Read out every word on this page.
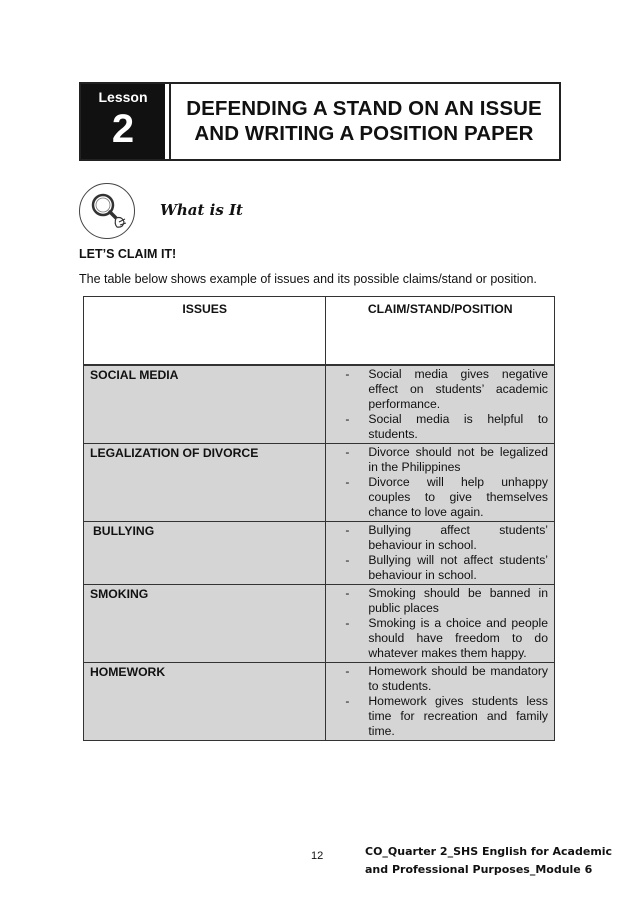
Lesson
2	DEFENDING A STAND ON AN ISSUE
AND WRITING A POSITION PAPER
What is It
LET’S CLAIM IT!
The table below shows example of issues and its possible claims/stand or position.
ISSUES	CLAIM/STAND/POSITION
SOCIAL MEDIA	- Social media gives negative effect on students’ academic performance.
- Social media is helpful to students.

LEGALIZATION OF DIVORCE	- Divorce should not be legalized in the Philippines
- Divorce will help unhappy couples to give themselves chance to love again.

BULLYING	- Bullying affect students’ behaviour in school.
- Bullying will not affect students’ behaviour in school.

SMOKING	- Smoking should be banned in public places
- Smoking is a choice and people should have freedom to do whatever makes them happy.

HOMEWORK	- Homework should be mandatory to students.
- Homework gives students less time for recreation and family time.
12	CO_Quarter 2_SHS English for Academic
and Professional Purposes_Module 6
